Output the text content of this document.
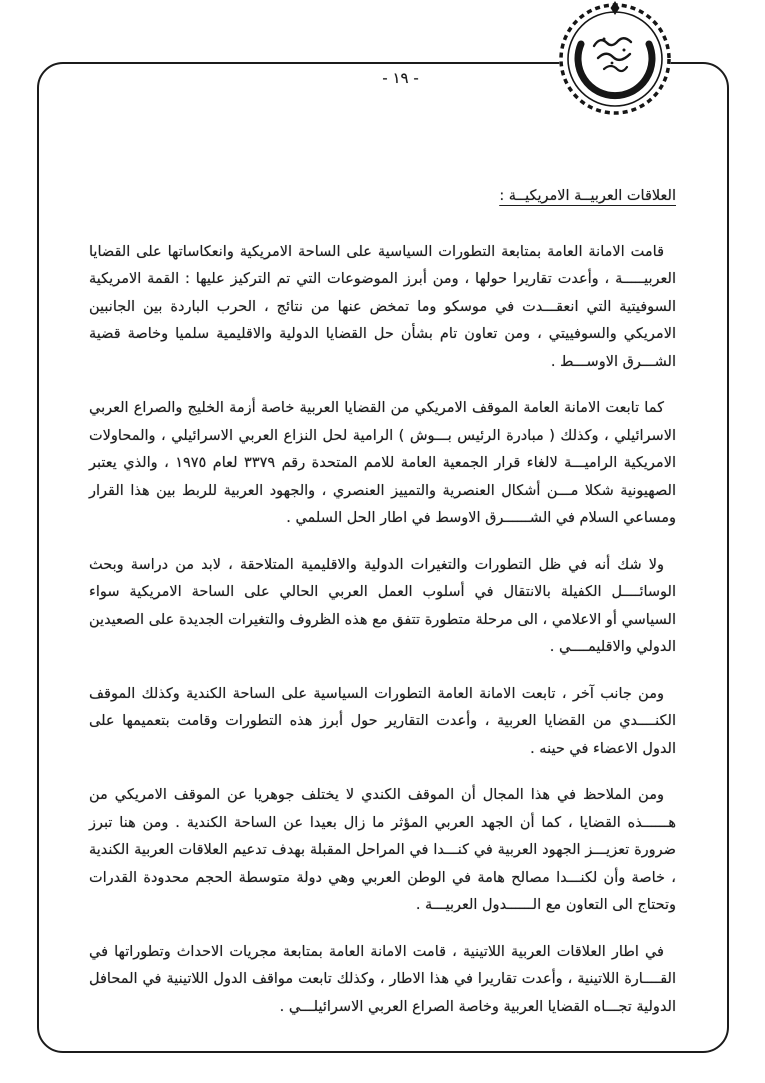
- ١٩ -
العلاقات العربيــة الامريكيــة :

قامت الامانة العامة بمتابعة التطورات السياسية على الساحة الامريكية وانعكاساتها على القضايا العربيـــــة ، وأعدت تقاريرا حولها ، ومن أبرز الموضوعات التي تم التركيز عليها : القمة الامريكية السوفيتية التي انعقـــدت في موسكو وما تمخض عنها من نتائج ، الحرب الباردة بين الجانبين الامريكي والسوفييتي ، ومن تعاون تام بشأن حل القضايا الدولية والاقليمية سلميا وخاصة قضية الشـــرق الاوســـط .

كما تابعت الامانة العامة الموقف الامريكي من القضايا العربية خاصة أزمة الخليج والصراع العربي الاسرائيلي ، وكذلك ( مبادرة الرئيس بـــوش ) الرامية لحل النزاع العربي الاسرائيلي ، والمحاولات الامريكية الراميـــة لالغاء قرار الجمعية العامة للامم المتحدة رقم ٣٣٧٩ لعام ١٩٧٥ ، والذي يعتبر الصهيونية شكلا مـــن أشكال العنصرية والتمييز العنصري ، والجهود العربية للربط بين هذا القرار ومساعي السلام في الشــــــرق الاوسط في اطار الحل السلمي .

ولا شك أنه في ظل التطورات والتغيرات الدولية والاقليمية المتلاحقة ، لابد من دراسة وبحث الوسائــــل الكفيلة بالانتقال في أسلوب العمل العربي الحالي على الساحة الامريكية سواء السياسي أو الاعلامي ، الى مرحلة متطورة تتفق مع هذه الظروف والتغيرات الجديدة على الصعيدين الدولي والاقليمــــي .

ومن جانب آخر ، تابعت الامانة العامة التطورات السياسية على الساحة الكندية وكذلك الموقف الكنــــدي من القضايا العربية ، وأعدت التقارير حول أبرز هذه التطورات وقامت بتعميمها على الدول الاعضاء في حينه .

ومن الملاحظ في هذا المجال أن الموقف الكندي لا يختلف جوهريا عن الموقف الامريكي من هــــــذه القضايا ، كما أن الجهد العربي المؤثر ما زال بعيدا عن الساحة الكندية . ومن هنا تبرز ضرورة تعزيـــز الجهود العربية في كنـــدا في المراحل المقبلة بهدف تدعيم العلاقات العربية الكندية ، خاصة وأن لكنـــدا مصالح هامة في الوطن العربي وهي دولة متوسطة الحجم محدودة القدرات وتحتاج الى التعاون مع الــــــدول العربيـــة .

في اطار العلاقات العربية اللاتينية ، قامت الامانة العامة بمتابعة مجريات الاحداث وتطوراتها في القــــارة اللاتينية ، وأعدت تقاريرا في هذا الاطار ، وكذلك تابعت مواقف الدول اللاتينية في المحافل الدولية تجـــاه القضايا العربية وخاصة الصراع العربي الاسرائيلـــي .
